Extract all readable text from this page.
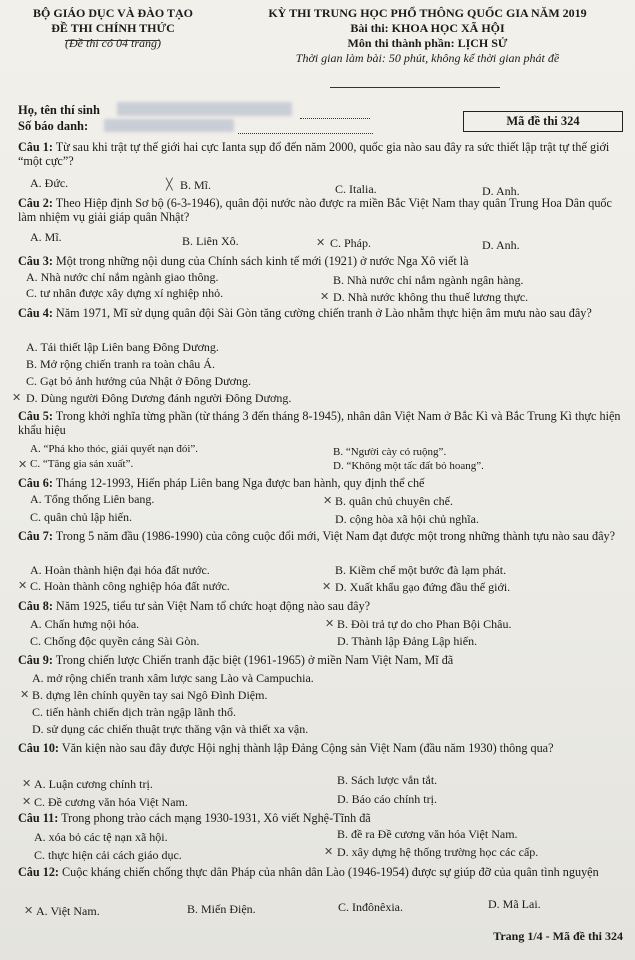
BỘ GIÁO DỤC VÀ ĐÀO TẠO
ĐỀ THI CHÍNH THỨC
(Đề thi có 04 trang)
KỲ THI TRUNG HỌC PHỔ THÔNG QUỐC GIA NĂM 2019
Bài thi: KHOA HỌC XÃ HỘI
Môn thi thành phần: LỊCH SỬ
Thời gian làm bài: 50 phút, không kể thời gian phát đề
Họ, tên thí sinh
Số báo danh:	Mã đề thi 324
Câu 1: Từ sau khi trật tự thế giới hai cực Ianta sụp đổ đến năm 2000, quốc gia nào sau đây ra sức thiết lập trật tự thế giới “một cực”?
A. Đức.	╳ B. Mĩ.	C. Italia.	D. Anh.
Câu 2: Theo Hiệp định Sơ bộ (6-3-1946), quân đội nước nào được ra miền Bắc Việt Nam thay quân Trung Hoa Dân quốc làm nhiệm vụ giải giáp quân Nhật?
A. Mĩ.	B. Liên Xô.	✕ C. Pháp.	D. Anh.
Câu 3: Một trong những nội dung của Chính sách kinh tế mới (1921) ở nước Nga Xô viết là
A. Nhà nước chỉ nắm ngành giao thông.	B. Nhà nước chỉ nắm ngành ngân hàng.
C. tư nhân được xây dựng xí nghiệp nhỏ.	✕ D. Nhà nước không thu thuế lương thực.
Câu 4: Năm 1971, Mĩ sử dụng quân đội Sài Gòn tăng cường chiến tranh ở Lào nhằm thực hiện âm mưu nào sau đây?
A. Tái thiết lập Liên bang Đông Dương.
B. Mở rộng chiến tranh ra toàn châu Á.
C. Gạt bỏ ảnh hưởng của Nhật ở Đông Dương.
✕ D. Dùng người Đông Dương đánh người Đông Dương.
Câu 5: Trong khởi nghĩa từng phần (từ tháng 3 đến tháng 8-1945), nhân dân Việt Nam ở Bắc Kì và Bắc Trung Kì thực hiện khẩu hiệu
A. “Phá kho thóc, giải quyết nạn đói”.	B. “Người cày có ruộng”.
✕ C. “Tăng gia sản xuất”.	D. “Không một tấc đất bỏ hoang”.
Câu 6: Tháng 12-1993, Hiến pháp Liên bang Nga được ban hành, quy định thể chế
A. Tổng thống Liên bang.	✕ B. quân chủ chuyên chế.
C. quân chủ lập hiến.	D. cộng hòa xã hội chủ nghĩa.
Câu 7: Trong 5 năm đầu (1986-1990) của công cuộc đổi mới, Việt Nam đạt được một trong những thành tựu nào sau đây?
A. Hoàn thành hiện đại hóa đất nước.	B. Kiềm chế một bước đà lạm phát.
✕ C. Hoàn thành công nghiệp hóa đất nước.	✕ D. Xuất khẩu gạo đứng đầu thế giới.
Câu 8: Năm 1925, tiểu tư sản Việt Nam tổ chức hoạt động nào sau đây?
A. Chấn hưng nội hóa.	✕ B. Đòi trả tự do cho Phan Bội Châu.
C. Chống độc quyền cảng Sài Gòn.	D. Thành lập Đảng Lập hiến.
Câu 9: Trong chiến lược Chiến tranh đặc biệt (1961-1965) ở miền Nam Việt Nam, Mĩ đã
A. mở rộng chiến tranh xâm lược sang Lào và Campuchia.
✕ B. dựng lên chính quyền tay sai Ngô Đình Diệm.
C. tiến hành chiến dịch tràn ngập lãnh thổ.
D. sử dụng các chiến thuật trực thăng vận và thiết xa vận.
Câu 10: Văn kiện nào sau đây được Hội nghị thành lập Đảng Cộng sản Việt Nam (đầu năm 1930) thông qua?
✕ A. Luận cương chính trị.	B. Sách lược vắn tắt.
✕ C. Đề cương văn hóa Việt Nam.	D. Báo cáo chính trị.
Câu 11: Trong phong trào cách mạng 1930-1931, Xô viết Nghệ-Tĩnh đã
A. xóa bỏ các tệ nạn xã hội.	B. đề ra Đề cương văn hóa Việt Nam.
C. thực hiện cải cách giáo dục.	✕ D. xây dựng hệ thống trường học các cấp.
Câu 12: Cuộc kháng chiến chống thực dân Pháp của nhân dân Lào (1946-1954) được sự giúp đỡ của quân tình nguyện
✕ A. Việt Nam.	B. Miến Điện.	C. Inđônêxia.	D. Mã Lai.
Trang 1/4 - Mã đề thi 324
